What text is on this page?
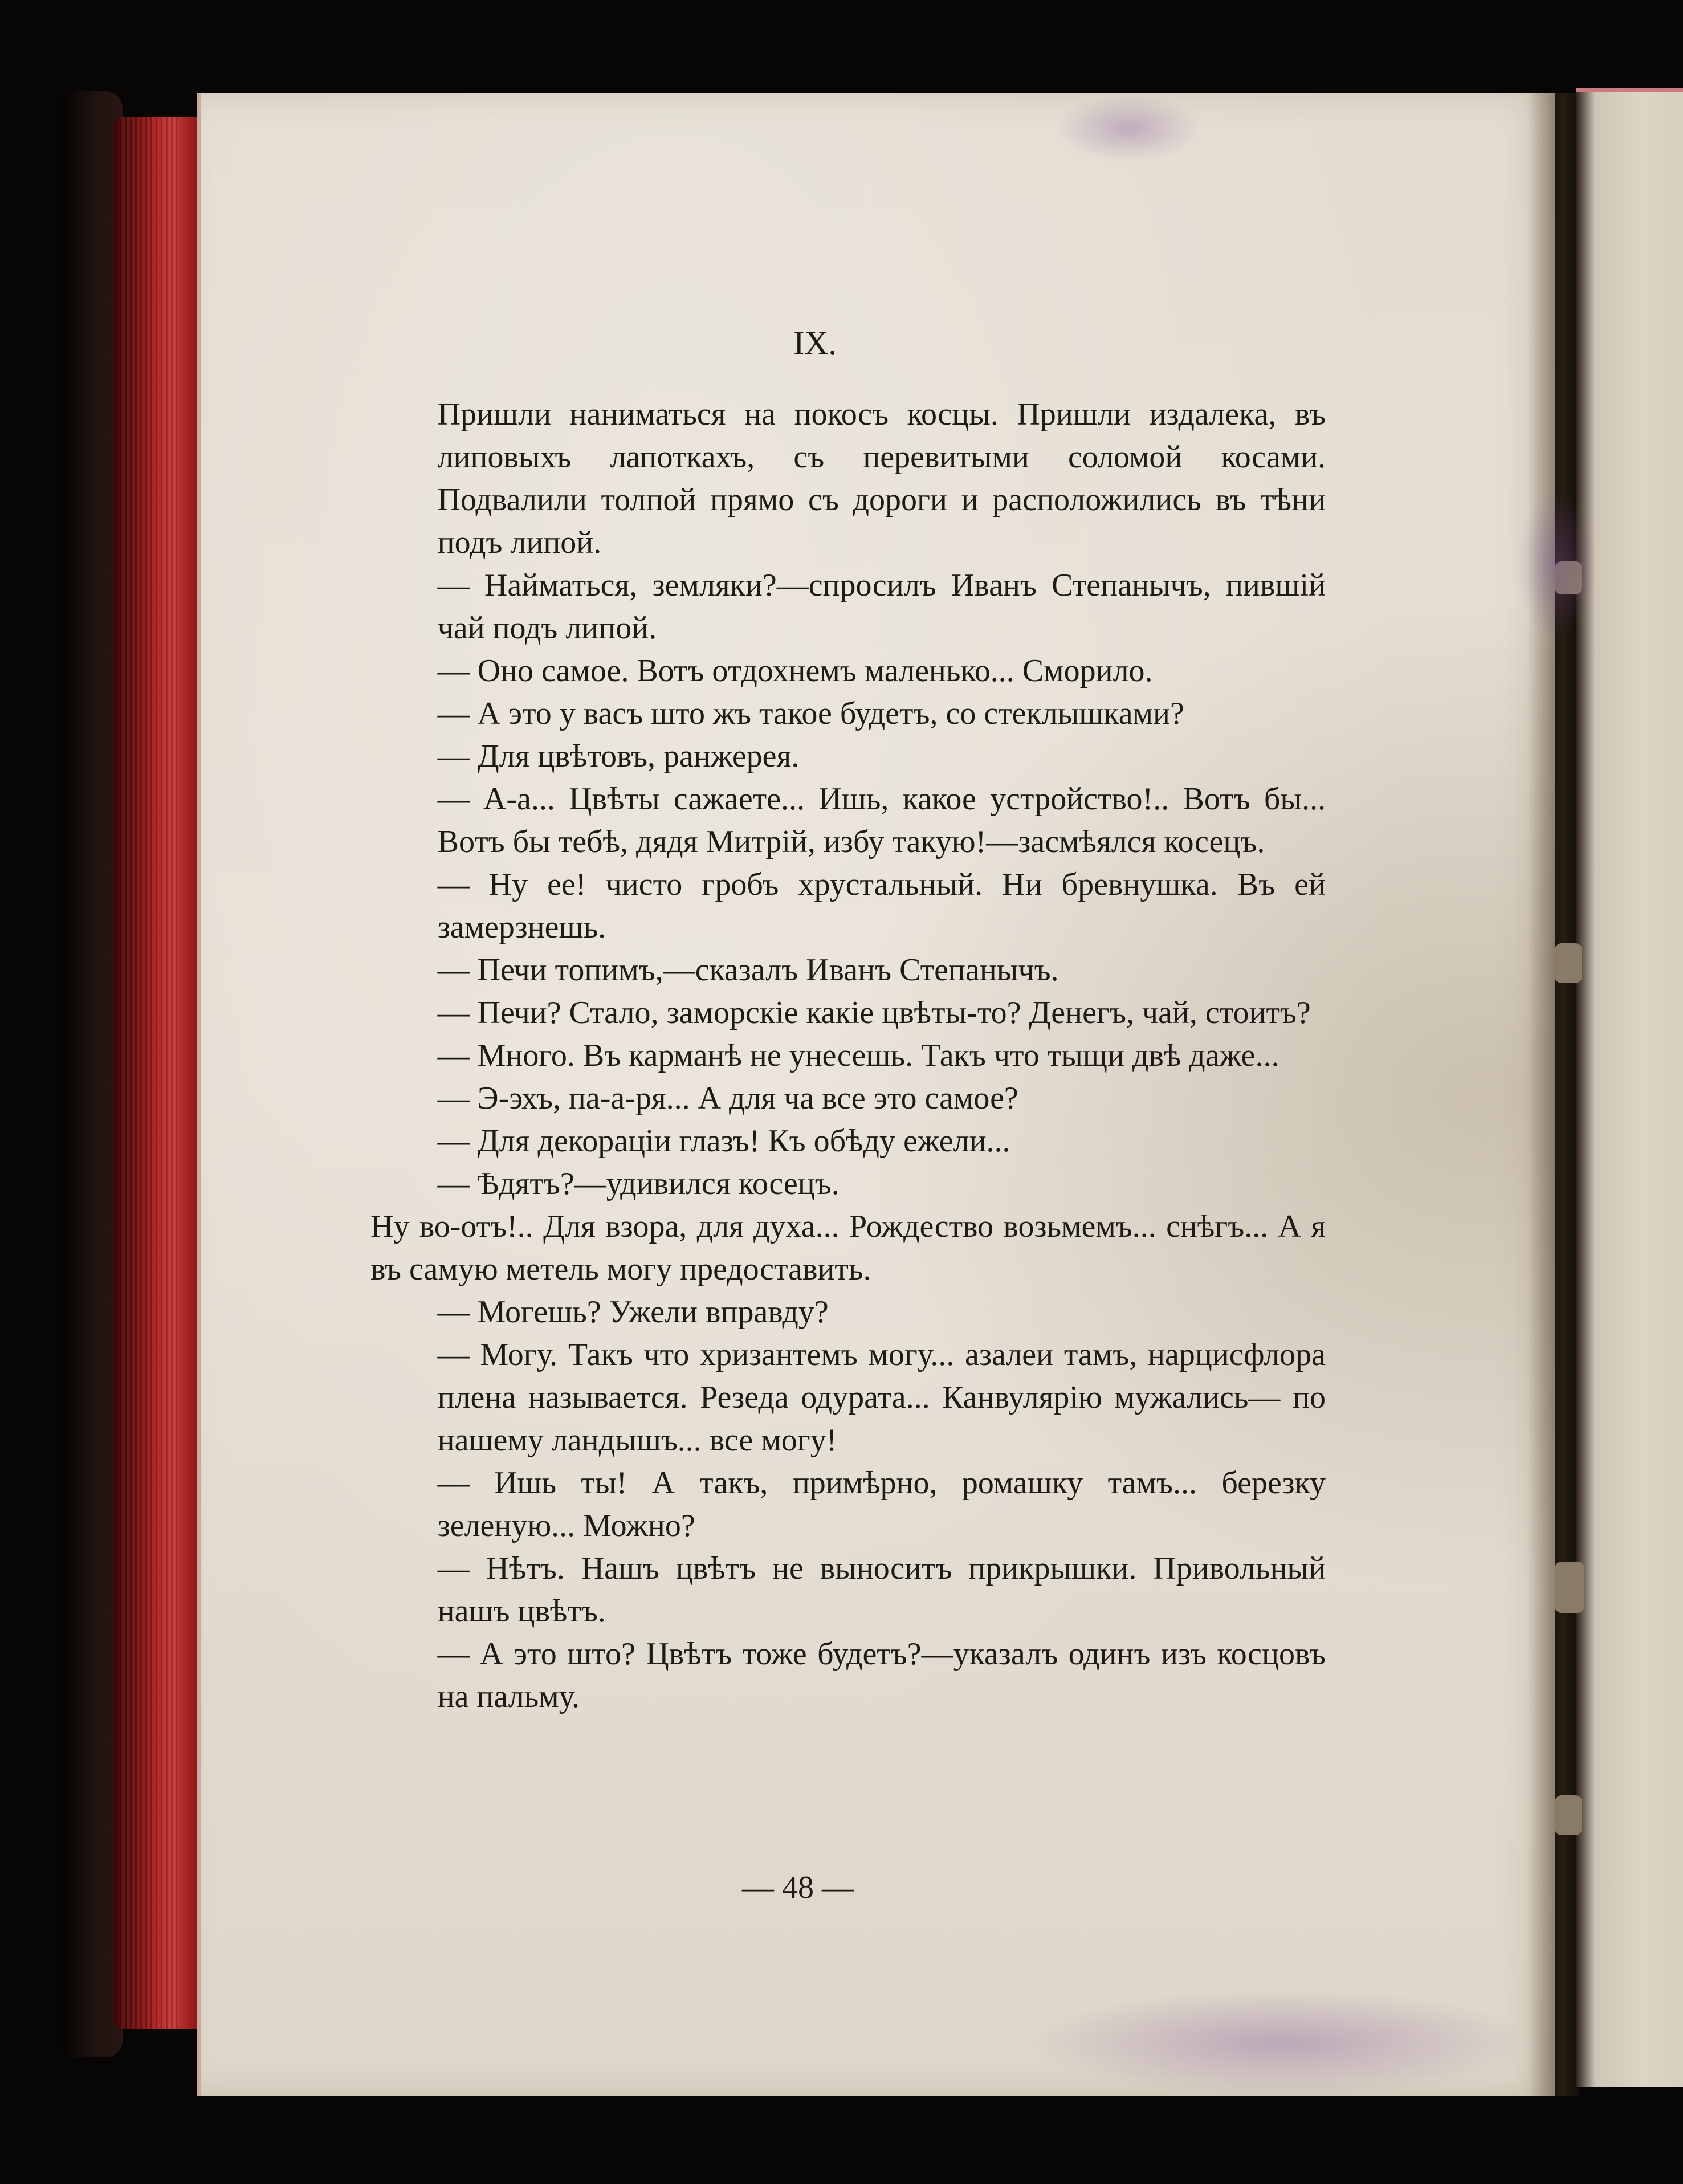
IX.

Пришли наниматься на покосъ косцы. Пришли издалека, въ липовыхъ лапоткахъ, съ перевитыми соломой косами. Подвалили толпой прямо съ дороги и расположились въ тѣни подъ липой.

— Найматься, земляки?—спросилъ Иванъ Степанычъ, пившій чай подъ липой.

— Оно самое. Вотъ отдохнемъ маленько... Сморило.

— А это у васъ што жъ такое будетъ, со стеклышками?

— Для цвѣтовъ, ранжерея.

— А-а... Цвѣты сажаете... Ишь, какое устройство!.. Вотъ бы... Вотъ бы тебѣ, дядя Митрій, избу такую!—засмѣялся косецъ.

— Ну ее! чисто гробъ хрустальный. Ни бревнушка. Въ ей замерзнешь.

— Печи топимъ,—сказалъ Иванъ Степанычъ.

— Печи? Стало, заморскіе какіе цвѣты-то? Денегъ, чай, стоитъ?

— Много. Въ карманѣ не унесешь. Такъ что тыщи двѣ даже...

— Э-эхъ, па-а-ря... А для ча все это самое?

— Для декораціи глазъ! Къ обѣду ежели...

— Ѣдятъ?—удивился косецъ.

Ну во-отъ!.. Для взора, для духа... Рождество возьмемъ... снѣгъ... А я въ самую метель могу предоставить.

— Могешь? Ужели вправду?

— Могу. Такъ что хризантемъ могу... азалеи тамъ, нарцисфлора плена называется. Резеда одурата... Канвулярію мужались— по нашему ландышъ... все могу!

— Ишь ты! А такъ, примѣрно, ромашку тамъ... березку зеленую... Можно?

— Нѣтъ. Нашъ цвѣтъ не выноситъ прикрышки. Привольный нашъ цвѣтъ.

— А это што? Цвѣтъ тоже будетъ?—указалъ одинъ изъ косцовъ на пальму.

— 48 —
